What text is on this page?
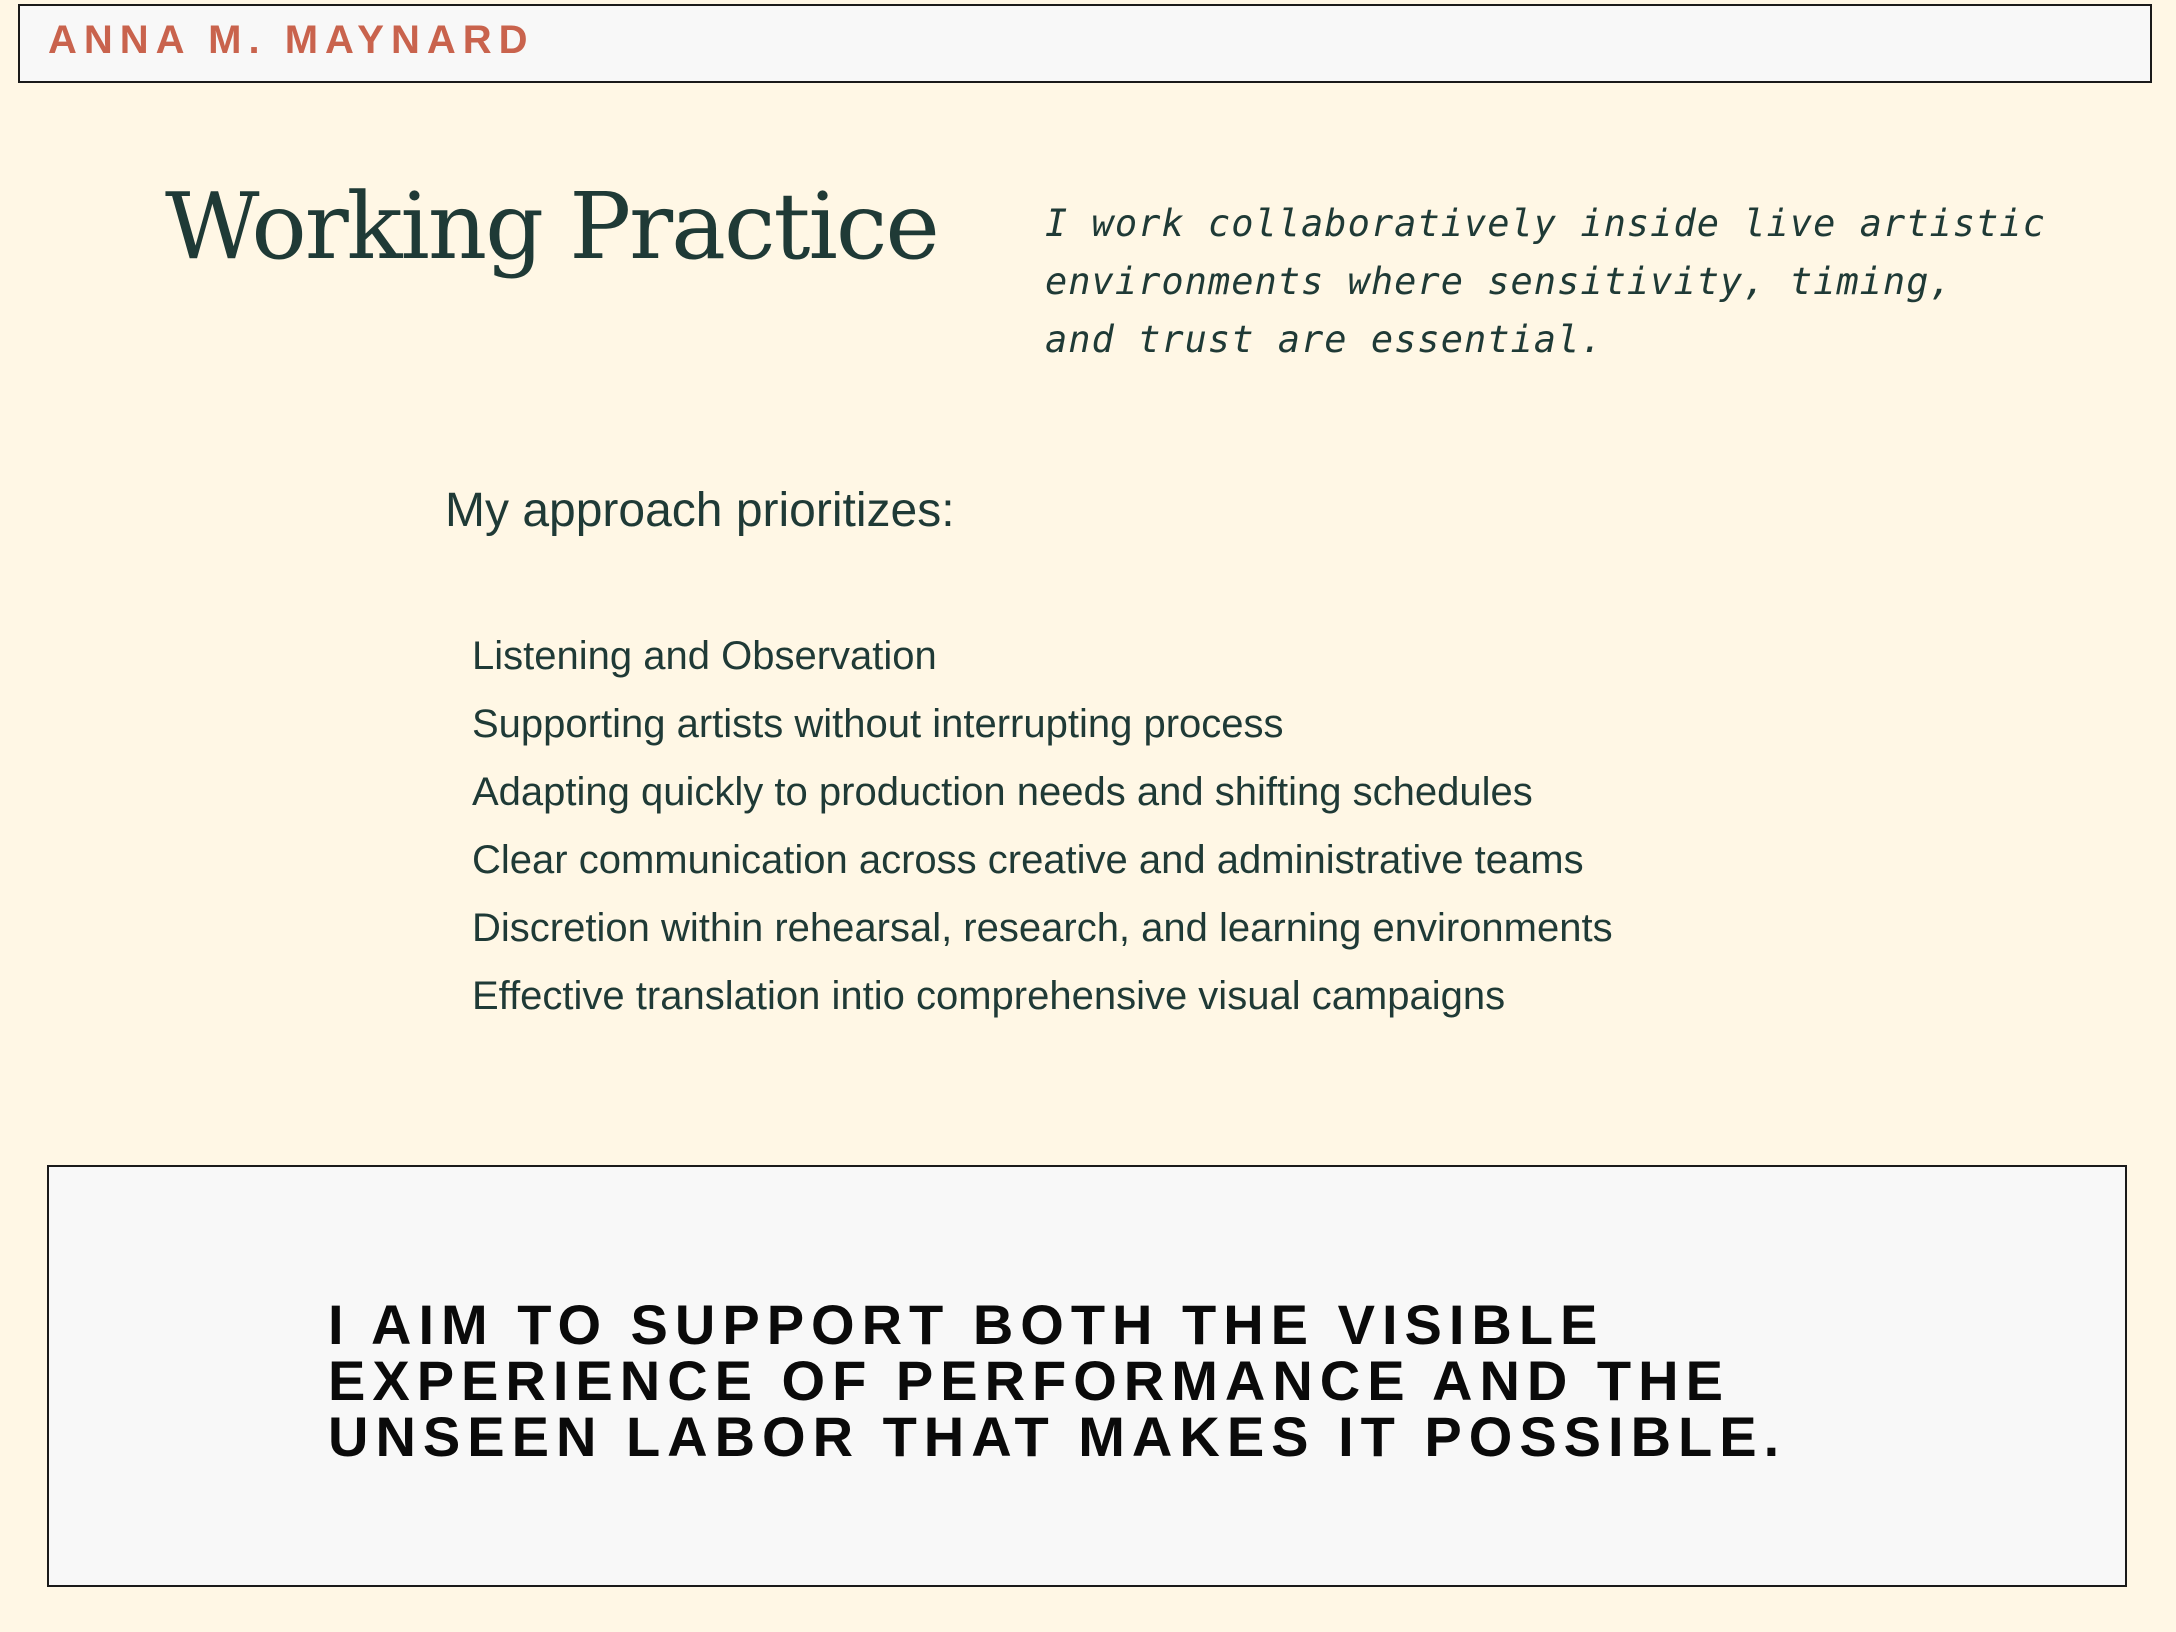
ANNA M. MAYNARD
Working Practice	I work collaboratively inside live artistic
environments where sensitivity, timing,
and trust are essential.
My approach prioritizes:
Listening and Observation
Supporting artists without interrupting process
Adapting quickly to production needs and shifting schedules
Clear communication across creative and administrative teams
Discretion within rehearsal, research, and learning environments
Effective translation intio comprehensive visual campaigns
I AIM TO SUPPORT BOTH THE VISIBLE
EXPERIENCE OF PERFORMANCE AND THE
UNSEEN LABOR THAT MAKES IT POSSIBLE.
